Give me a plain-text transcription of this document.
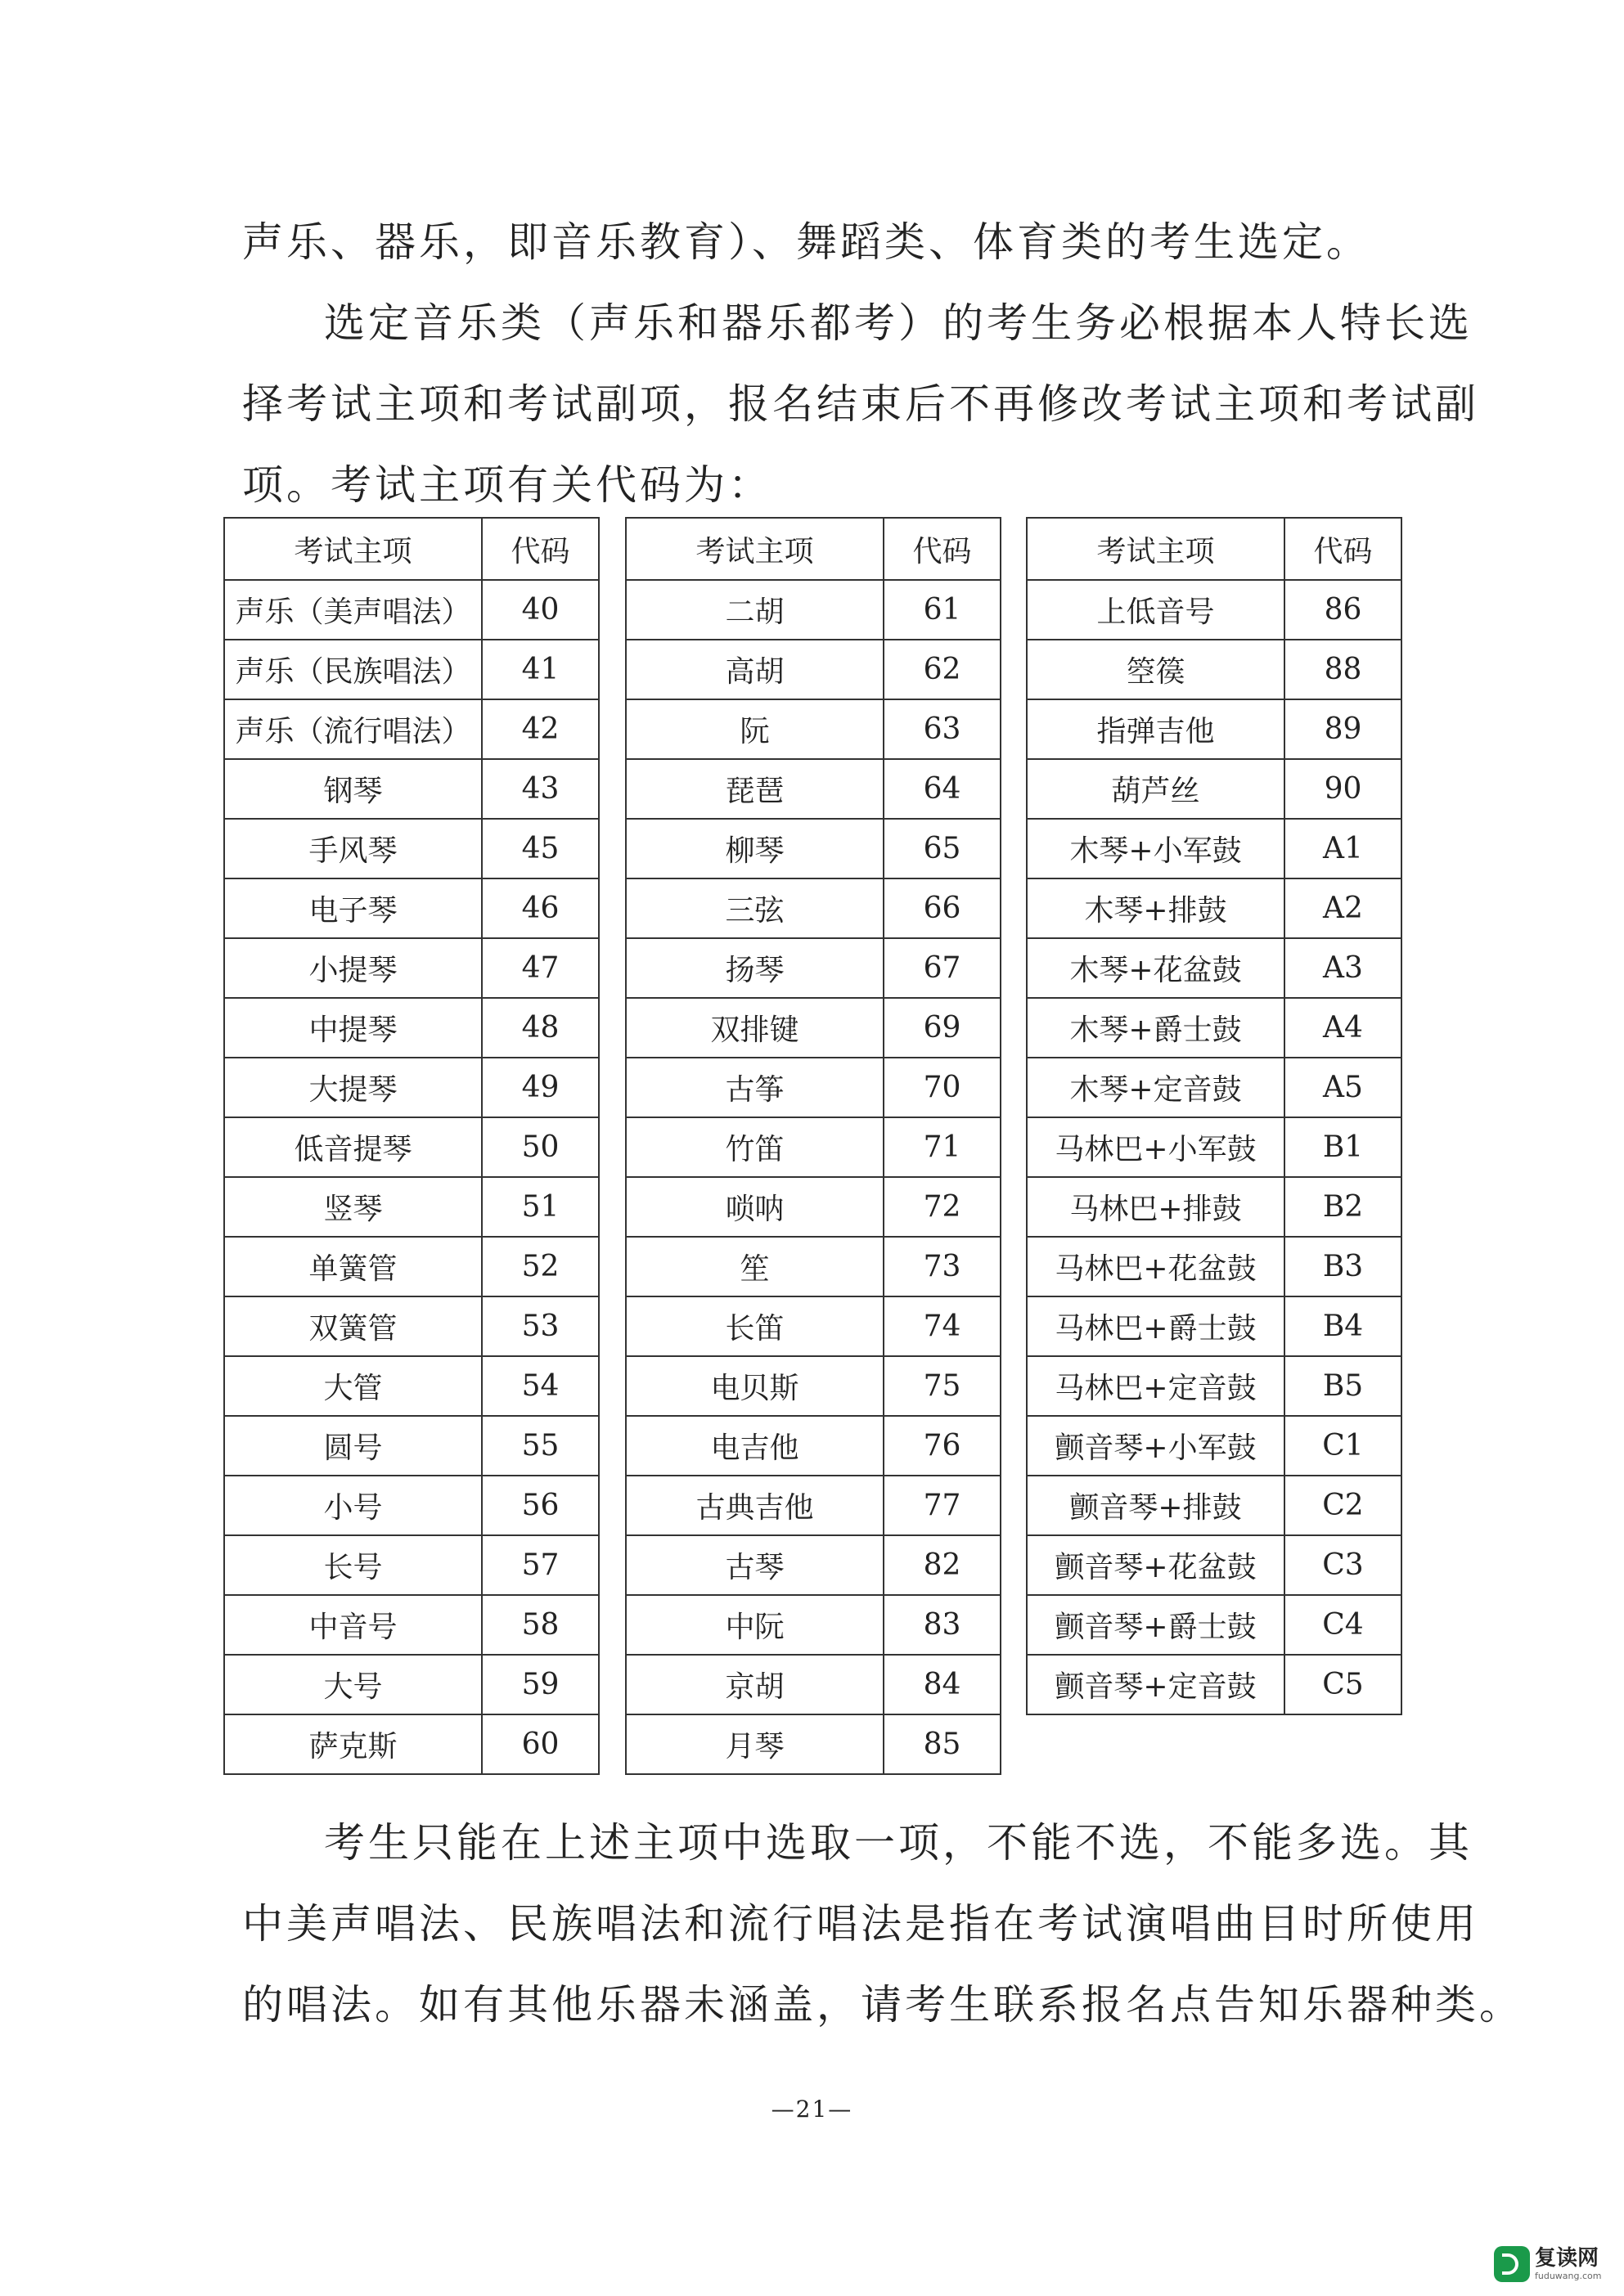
声乐、器乐，即音乐教育）、舞蹈类、体育类的考生选定。

选定音乐类（声乐和器乐都考）的考生务必根据本人特长选

择考试主项和考试副项，报名结束后不再修改考试主项和考试副

项。考试主项有关代码为：

考试主项	代码
声乐（美声唱法）	40
声乐（民族唱法）	41
声乐（流行唱法）	42
钢琴	43
手风琴	45
电子琴	46
小提琴	47
中提琴	48
大提琴	49
低音提琴	50
竖琴	51
单簧管	52
双簧管	53
大管	54
圆号	55
小号	56
长号	57
中音号	58
大号	59
萨克斯	60
考试主项	代码
二胡	61
高胡	62
阮	63
琵琶	64
柳琴	65
三弦	66
扬琴	67
双排键	69
古筝	70
竹笛	71
唢呐	72
笙	73
长笛	74
电贝斯	75
电吉他	76
古典吉他	77
古琴	82
中阮	83
京胡	84
月琴	85
考试主项	代码
上低音号	86
箜篌	88
指弹吉他	89
葫芦丝	90
木琴+小军鼓	A1
木琴+排鼓	A2
木琴+花盆鼓	A3
木琴+爵士鼓	A4
木琴+定音鼓	A5
马林巴+小军鼓	B1
马林巴+排鼓	B2
马林巴+花盆鼓	B3
马林巴+爵士鼓	B4
马林巴+定音鼓	B5
颤音琴+小军鼓	C1
颤音琴+排鼓	C2
颤音琴+花盆鼓	C3
颤音琴+爵士鼓	C4
颤音琴+定音鼓	C5

考生只能在上述主项中选取一项，不能不选，不能多选。其

中美声唱法、民族唱法和流行唱法是指在考试演唱曲目时所使用

的唱法。如有其他乐器未涵盖，请考生联系报名点告知乐器种类。

—21—
复读网
fuduwang.com
